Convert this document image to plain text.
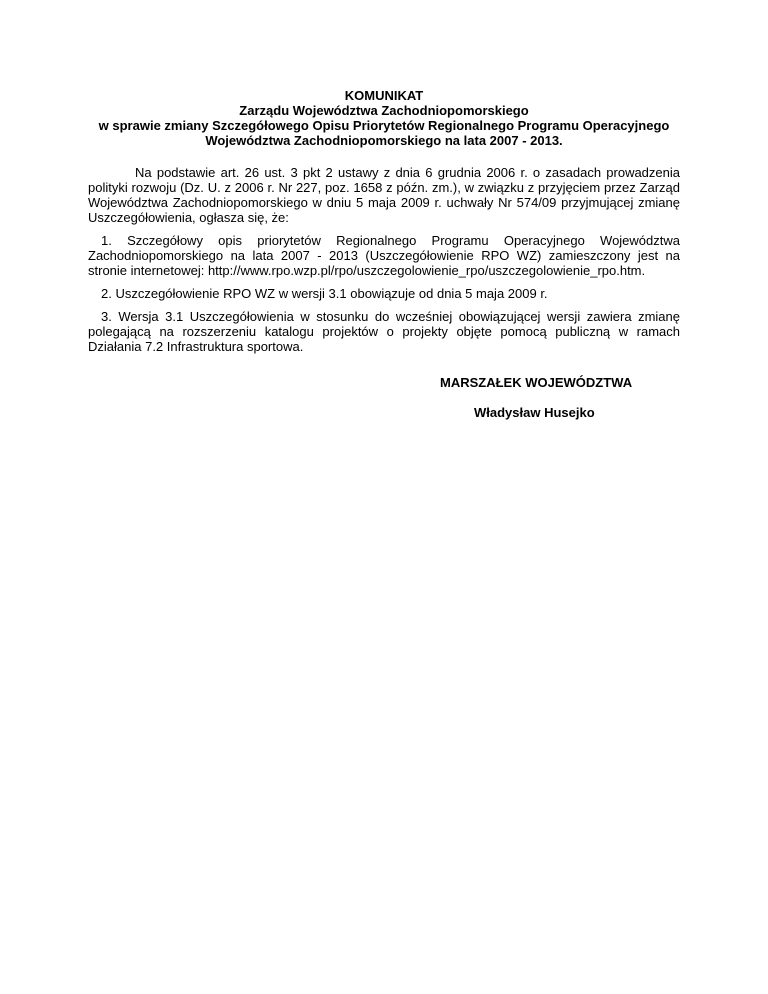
KOMUNIKAT
Zarządu Województwa Zachodniopomorskiego
w sprawie zmiany Szczegółowego Opisu Priorytetów Regionalnego Programu Operacyjnego
Województwa Zachodniopomorskiego na lata 2007 - 2013.

Na podstawie art. 26 ust. 3 pkt 2 ustawy z dnia 6 grudnia 2006 r. o zasadach prowadzenia polityki rozwoju (Dz. U. z 2006 r. Nr 227, poz. 1658 z późn. zm.), w związku z przyjęciem przez Zarząd Województwa Zachodniopomorskiego w dniu 5 maja 2009 r. uchwały Nr 574/09 przyjmującej zmianę Uszczegółowienia, ogłasza się, że:

1. Szczegółowy opis priorytetów Regionalnego Programu Operacyjnego Województwa Zachodniopomorskiego na lata 2007 - 2013 (Uszczegółowienie RPO WZ) zamieszczony jest na stronie internetowej: http://www.rpo.wzp.pl/rpo/uszczegolowienie_rpo/uszczegolowienie_rpo.htm.

2. Uszczegółowienie RPO WZ w wersji 3.1 obowiązuje od dnia 5 maja 2009 r.

3. Wersja 3.1 Uszczegółowienia w stosunku do wcześniej obowiązującej wersji zawiera zmianę polegającą na rozszerzeniu katalogu projektów o projekty objęte pomocą publiczną w ramach Działania 7.2 Infrastruktura sportowa.

MARSZAŁEK WOJEWÓDZTWA
Władysław Husejko
